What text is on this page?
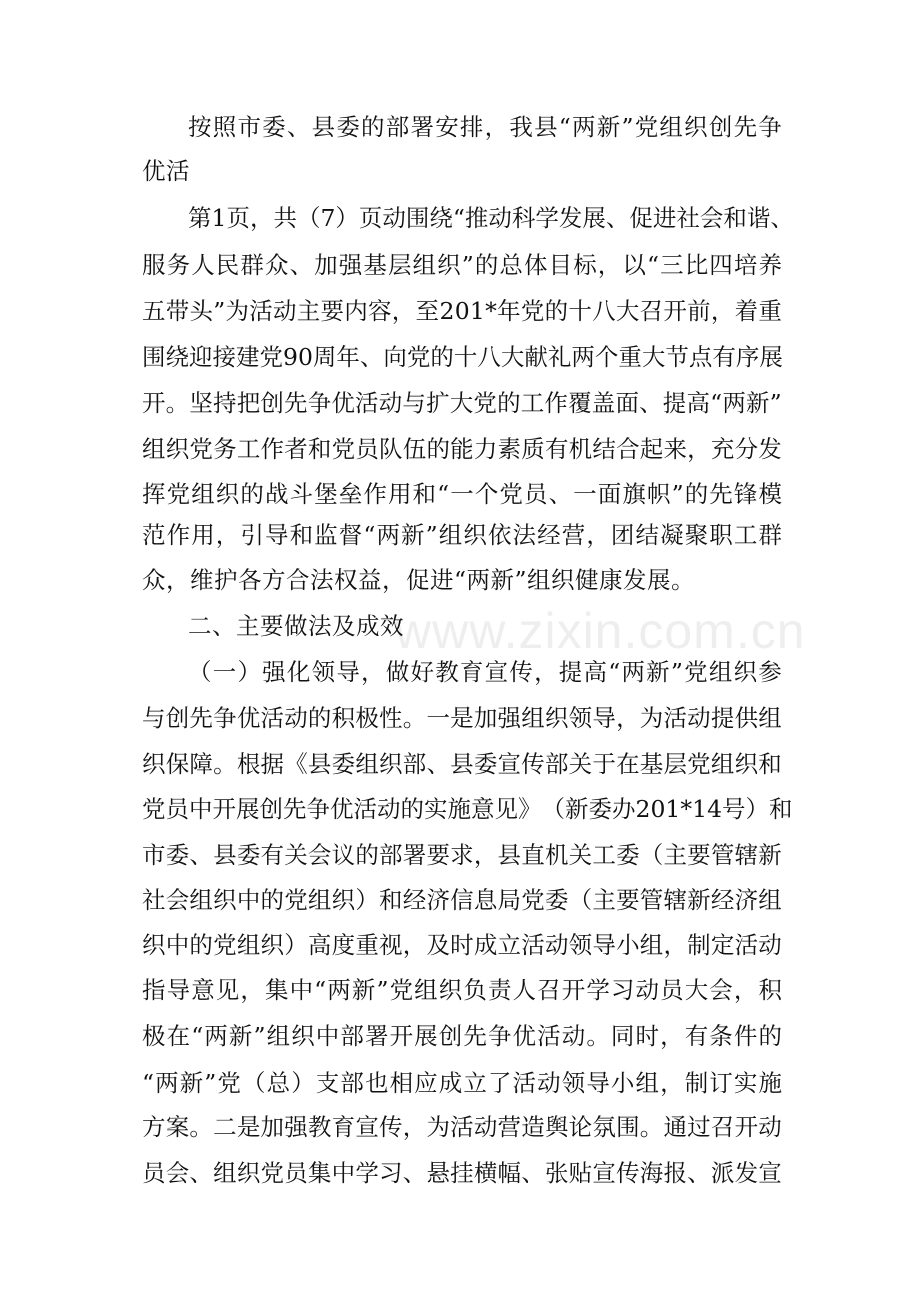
www.zixin.com.cn
按 照 市 委 、 县 委 的 部 署 安 排 ， 我 县 “ 两 新 ” 党 组 织 创 先 争
优活
第 1 页 ， 共 （ 7 ） 页 动 围 绕 “ 推 动 科 学 发 展 、 促 进 社 会 和 谐 、
服 务 人 民 群 众 、 加 强 基 层 组 织 ” 的 总 体 目 标 ， 以 “ 三 比 四 培 养
五 带 头 ” 为 活 动 主 要 内 容 ， 至 2 0 1 * 年 党 的 十 八 大 召 开 前 ， 着 重
围 绕 迎 接 建 党 9 0 周 年 、 向 党 的 十 八 大 献 礼 两 个 重 大 节 点 有 序 展
开 。 坚 持 把 创 先 争 优 活 动 与 扩 大 党 的 工 作 覆 盖 面 、 提 高 “ 两 新 ”
组 织 党 务 工 作 者 和 党 员 队 伍 的 能 力 素 质 有 机 结 合 起 来 ， 充 分 发
挥 党 组 织 的 战 斗 堡 垒 作 用 和 “ 一 个 党 员 、 一 面 旗 帜 ” 的 先 锋 模
范 作 用 ， 引 导 和 监 督 “ 两 新 ” 组 织 依 法 经 营 ， 团 结 凝 聚 职 工 群
众，维护各方合法权益，促进“两新”组织健康发展。
二、主要做法及成效
（ 一 ） 强 化 领 导 ， 做 好 教 育 宣 传 ， 提 高 “ 两 新 ” 党 组 织 参
与 创 先 争 优 活 动 的 积 极 性 。 一 是 加 强 组 织 领 导 ， 为 活 动 提 供 组
织 保 障 。 根 据 《 县 委 组 织 部 、 县 委 宣 传 部 关 于 在 基 层 党 组 织 和
党 员 中 开 展 创 先 争 优 活 动 的 实 施 意 见 》 （ 新 委 办 2 0 1 * 1 4 号 ） 和
市 委 、 县 委 有 关 会 议 的 部 署 要 求 ， 县 直 机 关 工 委 （ 主 要 管 辖 新
社 会 组 织 中 的 党 组 织 ） 和 经 济 信 息 局 党 委 （ 主 要 管 辖 新 经 济 组
织 中 的 党 组 织 ） 高 度 重 视 ， 及 时 成 立 活 动 领 导 小 组 ， 制 定 活 动
指 导 意 见 ， 集 中 “ 两 新 ” 党 组 织 负 责 人 召 开 学 习 动 员 大 会 ， 积
极 在 “ 两 新 ” 组 织 中 部 署 开 展 创 先 争 优 活 动 。 同 时 ， 有 条 件 的
“ 两 新 ” 党 （ 总 ） 支 部 也 相 应 成 立 了 活 动 领 导 小 组 ， 制 订 实 施
方 案 。 二 是 加 强 教 育 宣 传 ， 为 活 动 营 造 舆 论 氛 围 。 通 过 召 开 动
员 会 、 组 织 党 员 集 中 学 习 、 悬 挂 横 幅 、 张 贴 宣 传 海 报 、 派 发 宣
